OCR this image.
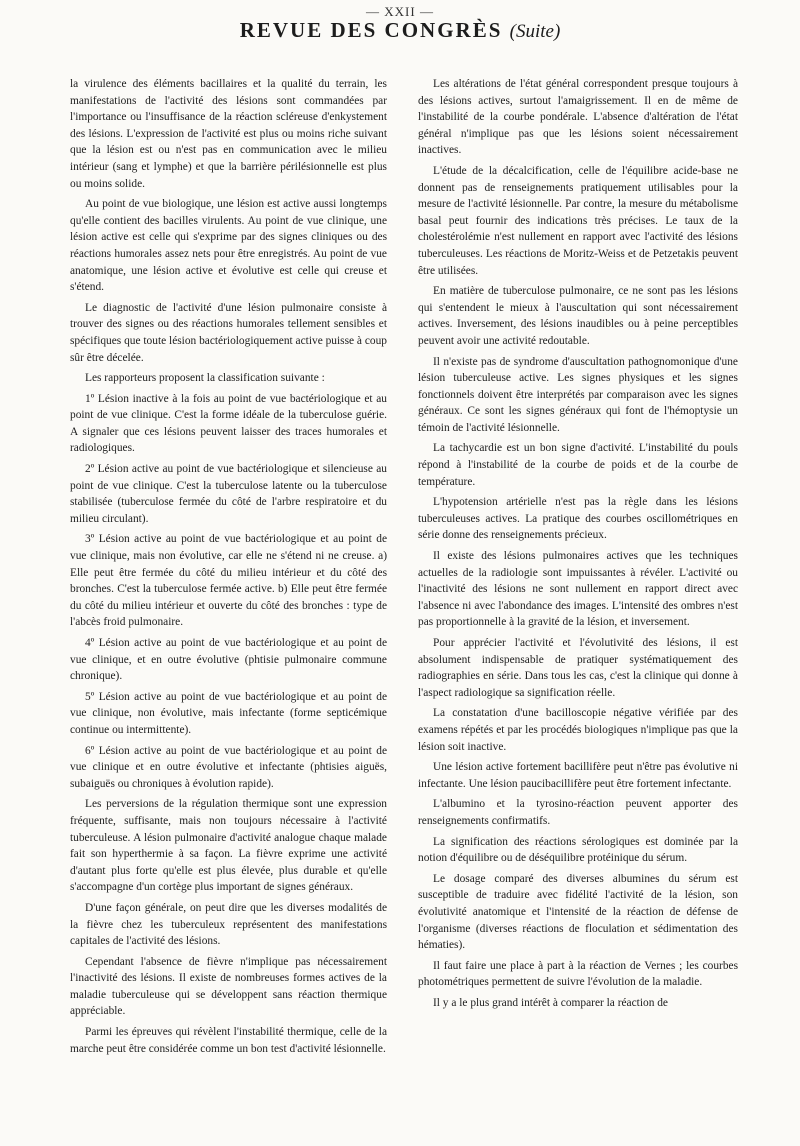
— XXII —
REVUE DES CONGRÈS (Suite)

la virulence des éléments bacillaires et la qualité du terrain, les manifestations de l'activité des lésions sont commandées par l'importance ou l'insuffisance de la réaction scléreuse d'enkystement des lésions. L'expression de l'activité est plus ou moins riche suivant que la lésion est ou n'est pas en communication avec le milieu intérieur (sang et lymphe) et que la barrière périlésionnelle est plus ou moins solide.

Au point de vue biologique, une lésion est active aussi longtemps qu'elle contient des bacilles virulents. Au point de vue clinique, une lésion active est celle qui s'exprime par des signes cliniques ou des réactions humorales assez nets pour être enregistrés. Au point de vue anatomique, une lésion active et évolutive est celle qui creuse et s'étend.

Le diagnostic de l'activité d'une lésion pulmonaire consiste à trouver des signes ou des réactions humorales tellement sensibles et spécifiques que toute lésion bactériologiquement active puisse à coup sûr être décelée.

Les rapporteurs proposent la classification suivante :

1º Lésion inactive à la fois au point de vue bactériologique et au point de vue clinique. C'est la forme idéale de la tuberculose guérie. A signaler que ces lésions peuvent laisser des traces humorales et radiologiques.

2º Lésion active au point de vue bactériologique et silencieuse au point de vue clinique. C'est la tuberculose latente ou la tuberculose stabilisée (tuberculose fermée du côté de l'arbre respiratoire et du milieu circulant).

3º Lésion active au point de vue bactériologique et au point de vue clinique, mais non évolutive, car elle ne s'étend ni ne creuse. a) Elle peut être fermée du côté du milieu intérieur et du côté des bronches. C'est la tuberculose fermée active. b) Elle peut être fermée du côté du milieu intérieur et ouverte du côté des bronches : type de l'abcès froid pulmonaire.

4º Lésion active au point de vue bactériologique et au point de vue clinique, et en outre évolutive (phtisie pulmonaire commune chronique).

5º Lésion active au point de vue bactériologique et au point de vue clinique, non évolutive, mais infectante (forme septicémique continue ou intermittente).

6º Lésion active au point de vue bactériologique et au point de vue clinique et en outre évolutive et infectante (phtisies aiguës, subaiguës ou chroniques à évolution rapide).

Les perversions de la régulation thermique sont une expression fréquente, suffisante, mais non toujours nécessaire à l'activité tuberculeuse. A lésion pulmonaire d'activité analogue chaque malade fait son hyperthermie à sa façon. La fièvre exprime une activité d'autant plus forte qu'elle est plus élevée, plus durable et qu'elle s'accompagne d'un cortège plus important de signes généraux.

D'une façon générale, on peut dire que les diverses modalités de la fièvre chez les tuberculeux représentent des manifestations capitales de l'activité des lésions.

Cependant l'absence de fièvre n'implique pas nécessairement l'inactivité des lésions. Il existe de nombreuses formes actives de la maladie tuberculeuse qui se développent sans réaction thermique appréciable.

Parmi les épreuves qui révèlent l'instabilité thermique, celle de la marche peut être considérée comme un bon test d'activité lésionnelle.

Les altérations de l'état général correspondent presque toujours à des lésions actives, surtout l'amaigrissement. Il en de même de l'instabilité de la courbe pondérale. L'absence d'altération de l'état général n'implique pas que les lésions soient nécessairement inactives.

L'étude de la décalcification, celle de l'équilibre acide-base ne donnent pas de renseignements pratiquement utilisables pour la mesure de l'activité lésionnelle. Par contre, la mesure du métabolisme basal peut fournir des indications très précises. Le taux de la cholestérolémie n'est nullement en rapport avec l'activité des lésions tuberculeuses. Les réactions de Moritz-Weiss et de Petzetakis peuvent être utilisées.

En matière de tuberculose pulmonaire, ce ne sont pas les lésions qui s'entendent le mieux à l'auscultation qui sont nécessairement actives. Inversement, des lésions inaudibles ou à peine perceptibles peuvent avoir une activité redoutable.

Il n'existe pas de syndrome d'auscultation pathognomonique d'une lésion tuberculeuse active. Les signes physiques et les signes fonctionnels doivent être interprétés par comparaison avec les signes généraux. Ce sont les signes généraux qui font de l'hémoptysie un témoin de l'activité lésionnelle.

La tachycardie est un bon signe d'activité. L'instabilité du pouls répond à l'instabilité de la courbe de poids et de la courbe de température.

L'hypotension artérielle n'est pas la règle dans les lésions tuberculeuses actives. La pratique des courbes oscillométriques en série donne des renseignements précieux.

Il existe des lésions pulmonaires actives que les techniques actuelles de la radiologie sont impuissantes à révéler. L'activité ou l'inactivité des lésions ne sont nullement en rapport direct avec l'absence ni avec l'abondance des images. L'intensité des ombres n'est pas proportionnelle à la gravité de la lésion, et inversement.

Pour apprécier l'activité et l'évolutivité des lésions, il est absolument indispensable de pratiquer systématiquement des radiographies en série. Dans tous les cas, c'est la clinique qui donne à l'aspect radiologique sa signification réelle.

La constatation d'une bacilloscopie négative vérifiée par des examens répétés et par les procédés biologiques n'implique pas que la lésion soit inactive.

Une lésion active fortement bacillifère peut n'être pas évolutive ni infectante. Une lésion paucibacillifère peut être fortement infectante.

L'albumino et la tyrosino-réaction peuvent apporter des renseignements confirmatifs.

La signification des réactions sérologiques est dominée par la notion d'équilibre ou de déséquilibre protéinique du sérum.

Le dosage comparé des diverses albumines du sérum est susceptible de traduire avec fidélité l'activité de la lésion, son évolutivité anatomique et l'intensité de la réaction de défense de l'organisme (diverses réactions de floculation et sédimentation des hématies).

Il faut faire une place à part à la réaction de Vernes ; les courbes photométriques permettent de suivre l'évolution de la maladie.

Il y a le plus grand intérêt à comparer la réaction de
